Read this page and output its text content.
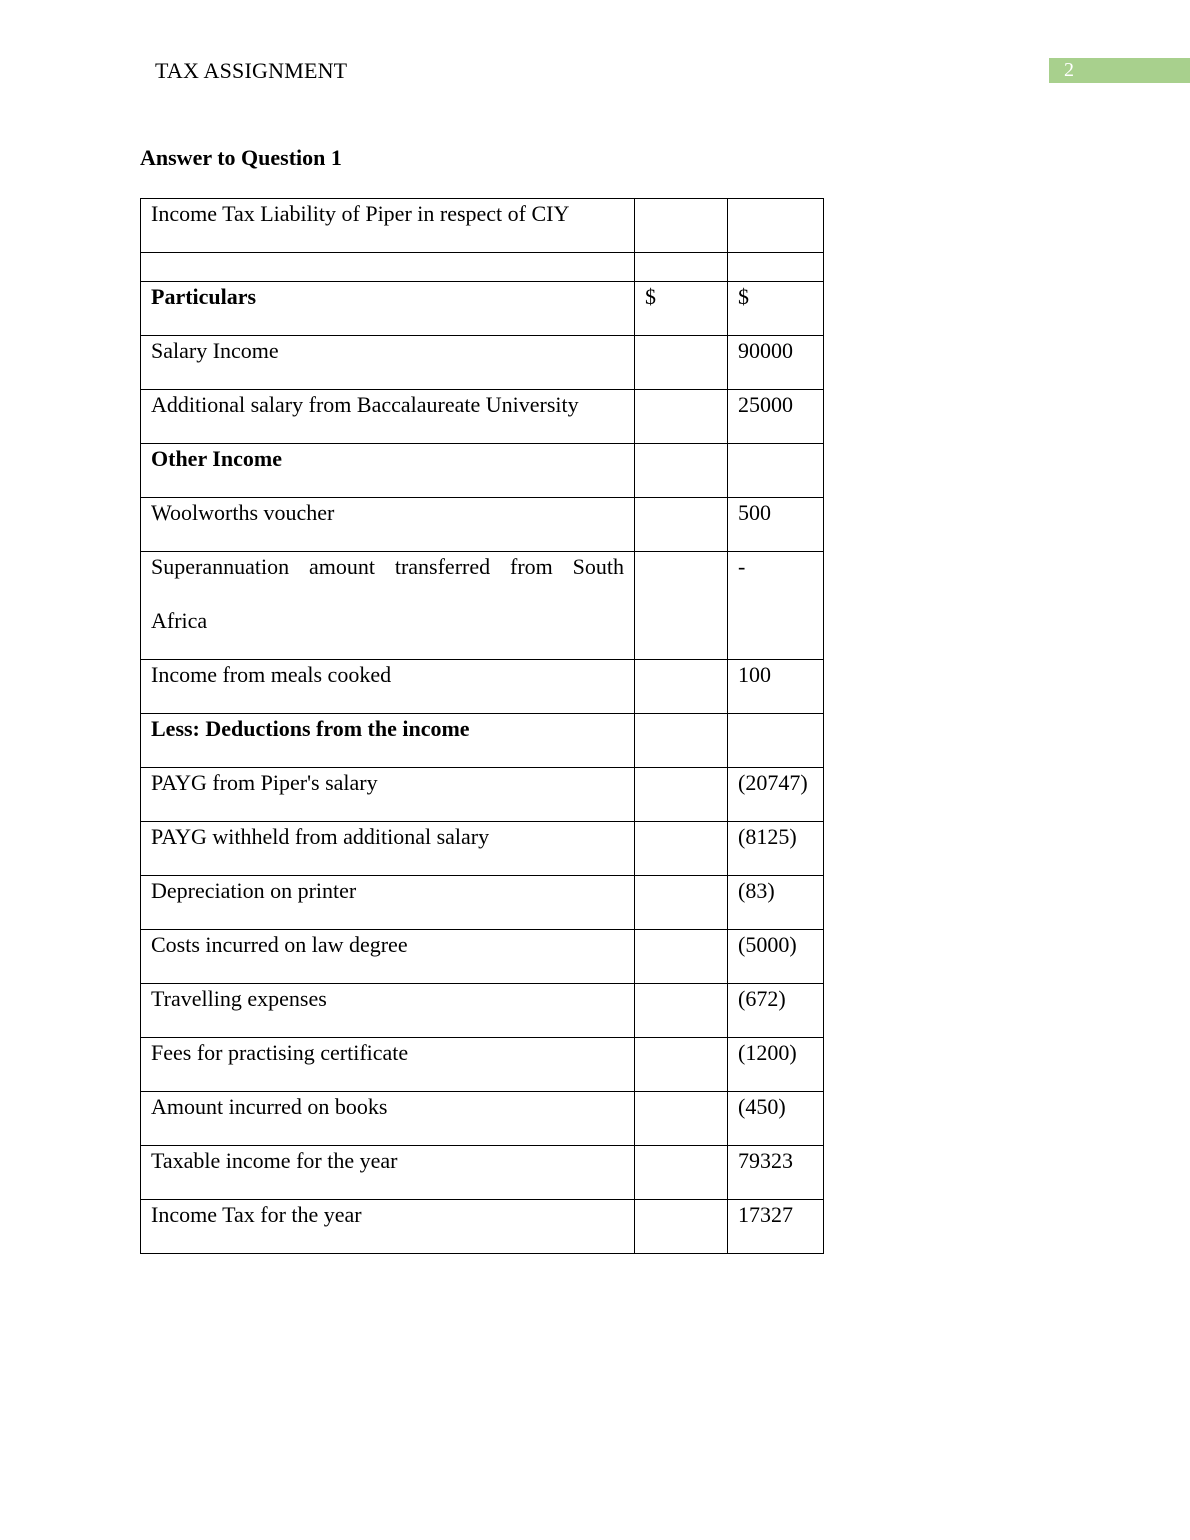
TAX ASSIGNMENT	2
Answer to Question 1
Income Tax Liability of Piper in respect of CIY		

Particulars	$	$

Salary Income		90000

Additional salary from Baccalaureate University		25000

Other Income		

Woolworths voucher		500

Superannuation amount transferred from South Africa		-

Income from meals cooked		100

Less: Deductions from the income		

PAYG from Piper's salary		(20747)

PAYG withheld from additional salary		(8125)

Depreciation on printer		(83)

Costs incurred on law degree		(5000)

Travelling expenses		(672)

Fees for practising certificate		(1200)

Amount incurred on books		(450)

Taxable income for the year		79323

Income Tax for the year		17327
